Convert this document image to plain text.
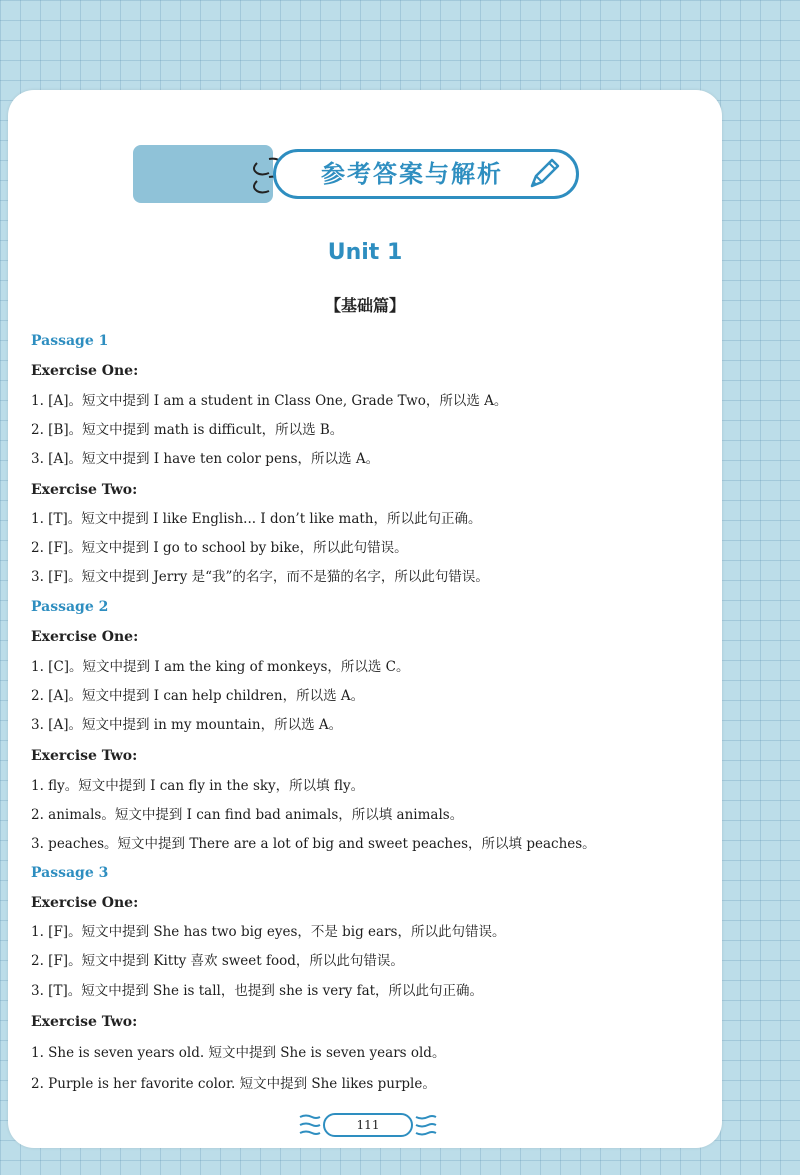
参考答案与解析
Unit 1
【基础篇】
Passage 1
Exercise One:
1. [A]。短文中提到 I am a student in Class One, Grade Two，所以选 A。
2. [B]。短文中提到 math is difficult，所以选 B。
3. [A]。短文中提到 I have ten color pens，所以选 A。
Exercise Two:
1. [T]。短文中提到 I like English... I don’t like math，所以此句正确。
2. [F]。短文中提到 I go to school by bike，所以此句错误。
3. [F]。短文中提到 Jerry 是“我”的名字，而不是猫的名字，所以此句错误。
Passage 2
Exercise One:
1. [C]。短文中提到 I am the king of monkeys，所以选 C。
2. [A]。短文中提到 I can help children，所以选 A。
3. [A]。短文中提到 in my mountain，所以选 A。
Exercise Two:
1. fly。短文中提到 I can fly in the sky，所以填 fly。
2. animals。短文中提到 I can find bad animals，所以填 animals。
3. peaches。短文中提到 There are a lot of big and sweet peaches，所以填 peaches。
Passage 3
Exercise One:
1. [F]。短文中提到 She has two big eyes，不是 big ears，所以此句错误。
2. [F]。短文中提到 Kitty 喜欢 sweet food，所以此句错误。
3. [T]。短文中提到 She is tall，也提到 she is very fat，所以此句正确。
Exercise Two:
1. She is seven years old. 短文中提到 She is seven years old。
2. Purple is her favorite color. 短文中提到 She likes purple。
111
